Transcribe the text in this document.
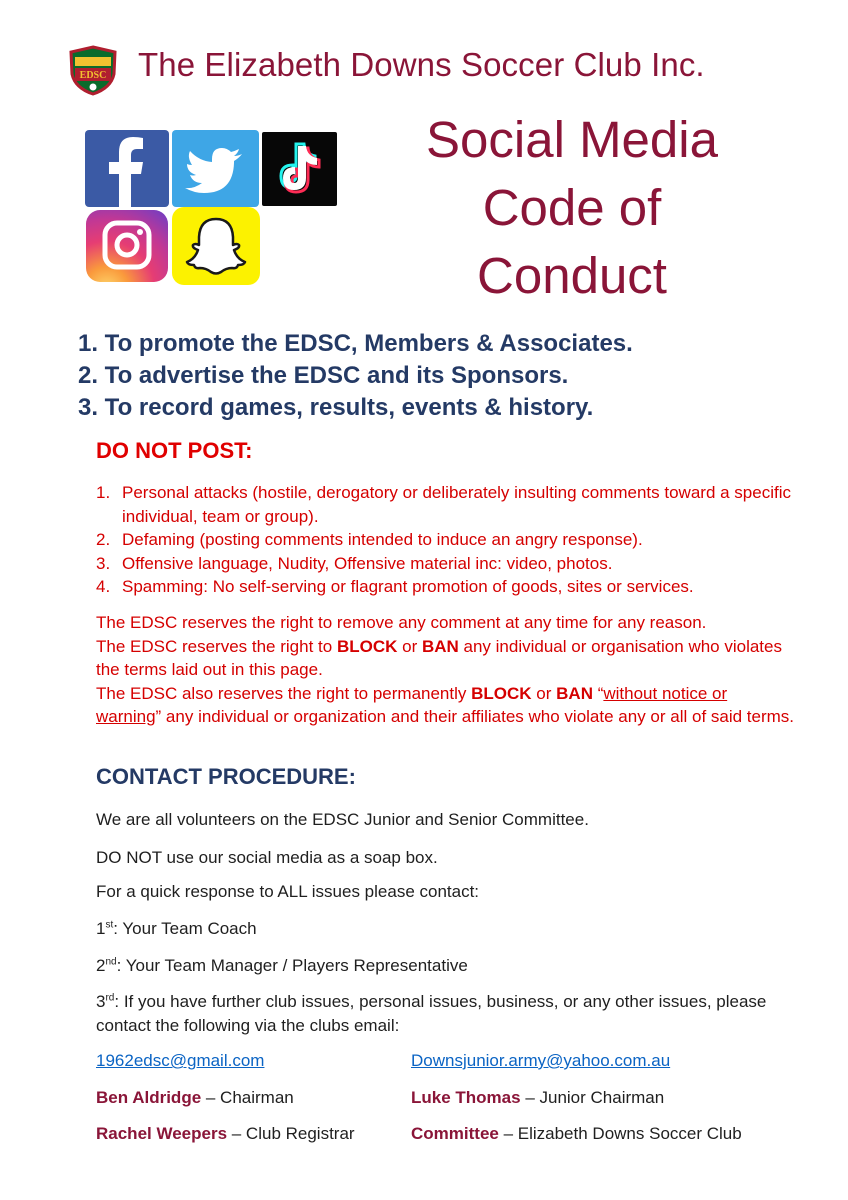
EDSC The Elizabeth Downs Soccer Club Inc.
Social Media
Code of
Conduct
1. To promote the EDSC, Members & Associates.
2. To advertise the EDSC and its Sponsors.
3. To record games, results, events & history.
DO NOT POST:
1. Personal attacks (hostile, derogatory or deliberately insulting comments toward a specific individual, team or group).
2. Defaming (posting comments intended to induce an angry response).
3. Offensive language, Nudity, Offensive material inc: video, photos.
4. Spamming: No self-serving or flagrant promotion of goods, sites or services.

The EDSC reserves the right to remove any comment at any time for any reason.

The EDSC reserves the right to BLOCK or BAN any individual or organisation who violates the terms laid out in this page.

The EDSC also reserves the right to permanently BLOCK or BAN “without notice or warning” any individual or organization and their affiliates who violate any or all of said terms.

CONTACT PROCEDURE:
We are all volunteers on the EDSC Junior and Senior Committee.
DO NOT use our social media as a soap box.
For a quick response to ALL issues please contact:
1st: Your Team Coach
2nd: Your Team Manager / Players Representative
3rd: If you have further club issues, personal issues, business, or any other issues, please contact the following via the clubs email:
1962edsc@gmail.com	Downsjunior.army@yahoo.com.au
Ben Aldridge – Chairman	Luke Thomas – Junior Chairman
Rachel Weepers – Club Registrar	Committee – Elizabeth Downs Soccer Club
